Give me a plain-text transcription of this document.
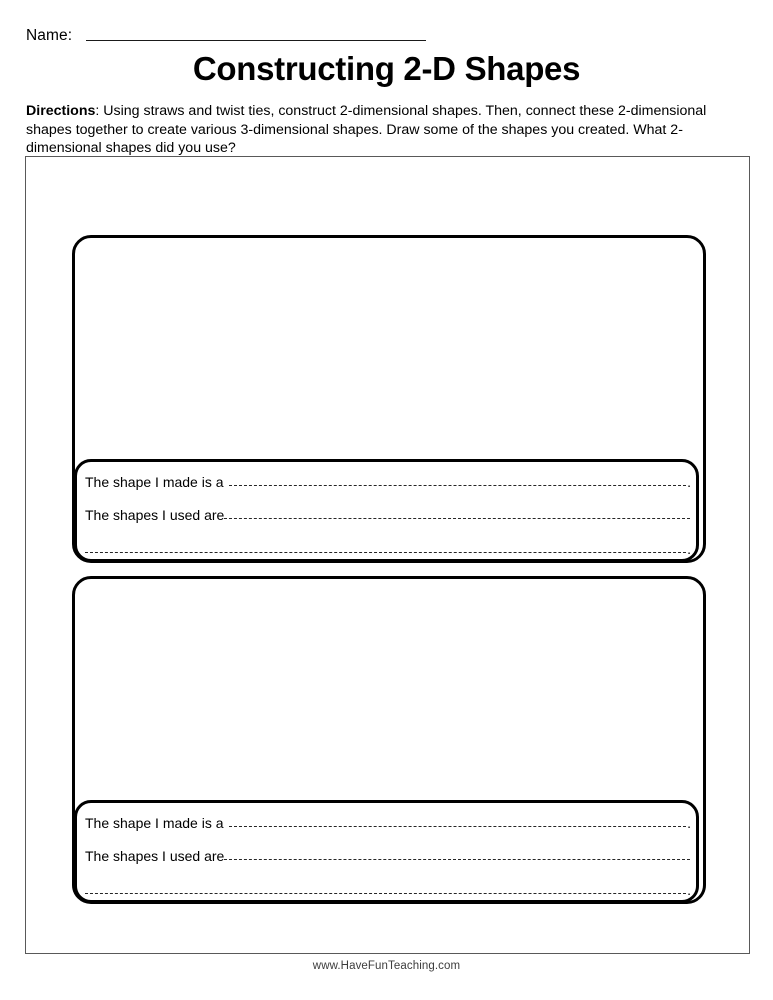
Name:
Constructing 2-D Shapes
Directions: Using straws and twist ties, construct 2-dimensional shapes. Then, connect these 2-dimensional shapes together to create various 3-dimensional shapes. Draw some of the shapes you created. What 2-dimensional shapes did you use?
The shape I made is a	.
The shapes I used are
.
The shape I made is a	.
The shapes I used are
.
www.HaveFunTeaching.com
